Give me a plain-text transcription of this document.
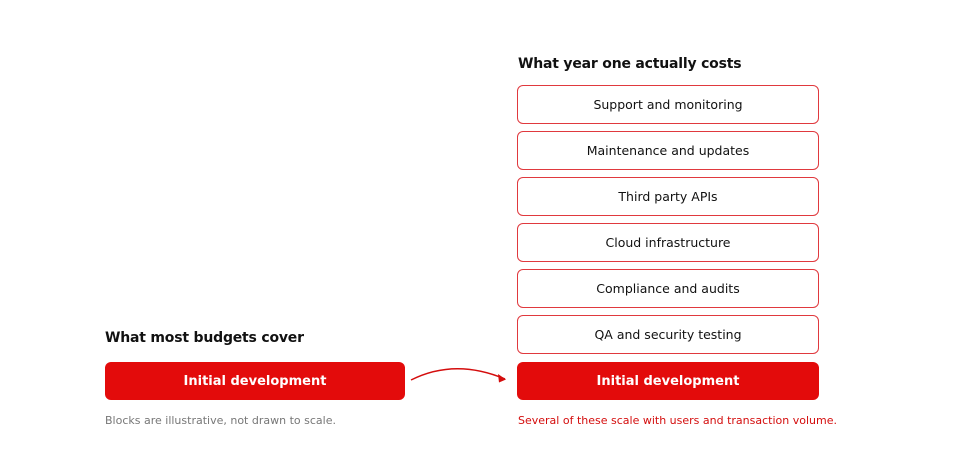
What most budgets cover
Initial development

Blocks are illustrative, not drawn to scale.

What year one actually costs
Support and monitoring
Maintenance and updates
Third party APIs
Cloud infrastructure
Compliance and audits
QA and security testing
Initial development

Several of these scale with users and transaction volume.
